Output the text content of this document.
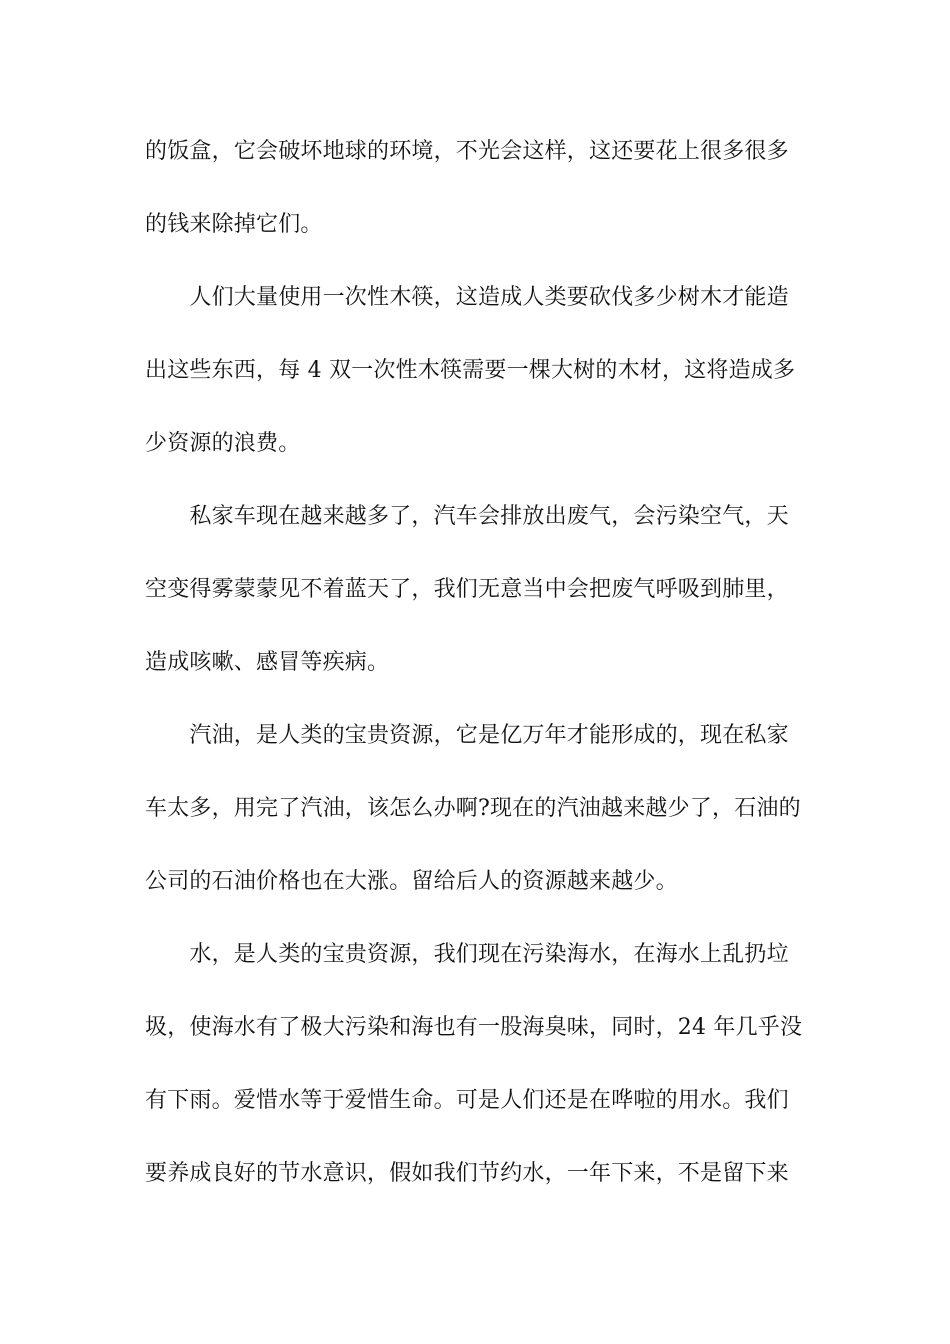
的饭盒，它会破坏地球的环境，不光会这样，这还要花上很多很多
的钱来除掉它们。
　　人们大量使用一次性木筷，这造成人类要砍伐多少树木才能造
出这些东西，每 4 双一次性木筷需要一棵大树的木材，这将造成多
少资源的浪费。
　　私家车现在越来越多了，汽车会排放出废气，会污染空气，天
空变得雾蒙蒙见不着蓝天了，我们无意当中会把废气呼吸到肺里，
造成咳嗽、感冒等疾病。
　　汽油，是人类的宝贵资源，它是亿万年才能形成的，现在私家
车太多，用完了汽油，该怎么办啊?现在的汽油越来越少了，石油的
公司的石油价格也在大涨。留给后人的资源越来越少。
　　水，是人类的宝贵资源，我们现在污染海水，在海水上乱扔垃
圾，使海水有了极大污染和海也有一股海臭味，同时，24 年几乎没
有下雨。爱惜水等于爱惜生命。可是人们还是在哗啦的用水。我们
要养成良好的节水意识，假如我们节约水，一年下来，不是留下来
